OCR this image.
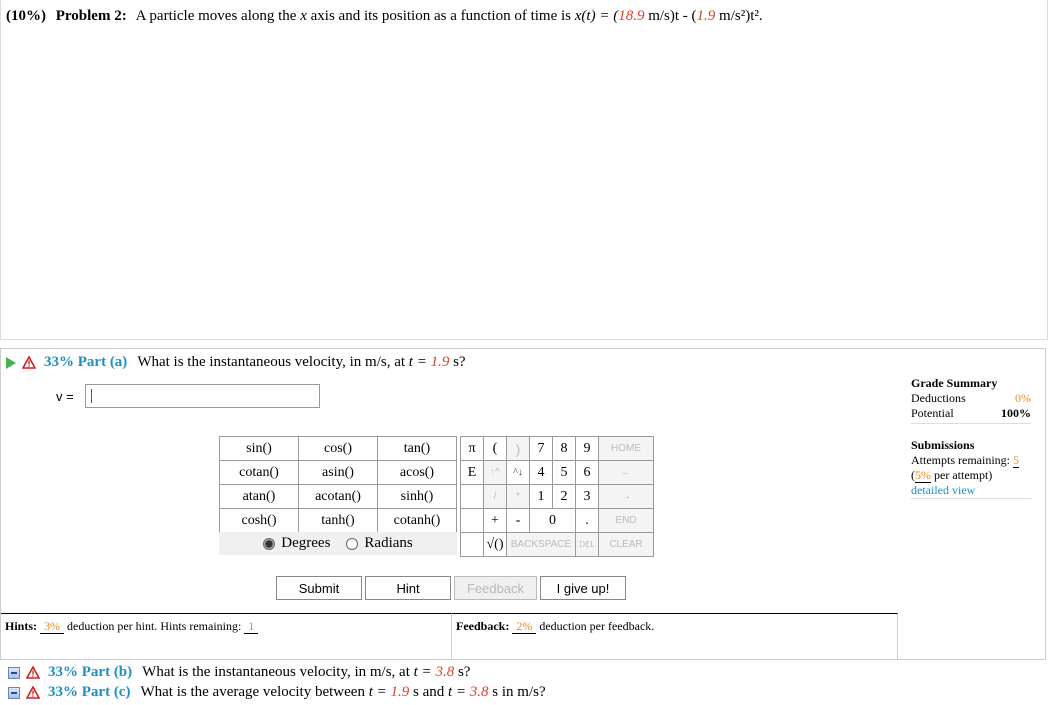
(10%) Problem 2: A particle moves along the x axis and its position as a function of time is x(t) = (18.9 m/s)t - (1.9 m/s²)t².
33% Part (a) What is the instantaneous velocity, in m/s, at
t =
1.9
s?
v =
sin()	cos()	tan()
cotan()	asin()	acos()
atan()	acotan()	sinh()
cosh()	tanh()	cotanh()
Degrees Radians
π	(	)	7	8	9	HOME
E	↑^	^↓	4	5	6	←
	/	*	1	2	3	→
	+	-	0		.	END
	√()	BACKSPACE			DEL	CLEAR
Submit	Hint	Feedback	I give up!
Grade Summary
Deductions	0%
Potential	100%
Submissions
Attempts remaining: 5
(5% per attempt)
detailed view
Hints: 3% deduction per hint. Hints remaining: 1	Feedback: 2% deduction per feedback.
33% Part (b) What is the instantaneous velocity, in m/s, at
t =
3.8
s?
33% Part (c) What is the average velocity between
t =
1.9
s and
t =
3.8
s in m/s?
